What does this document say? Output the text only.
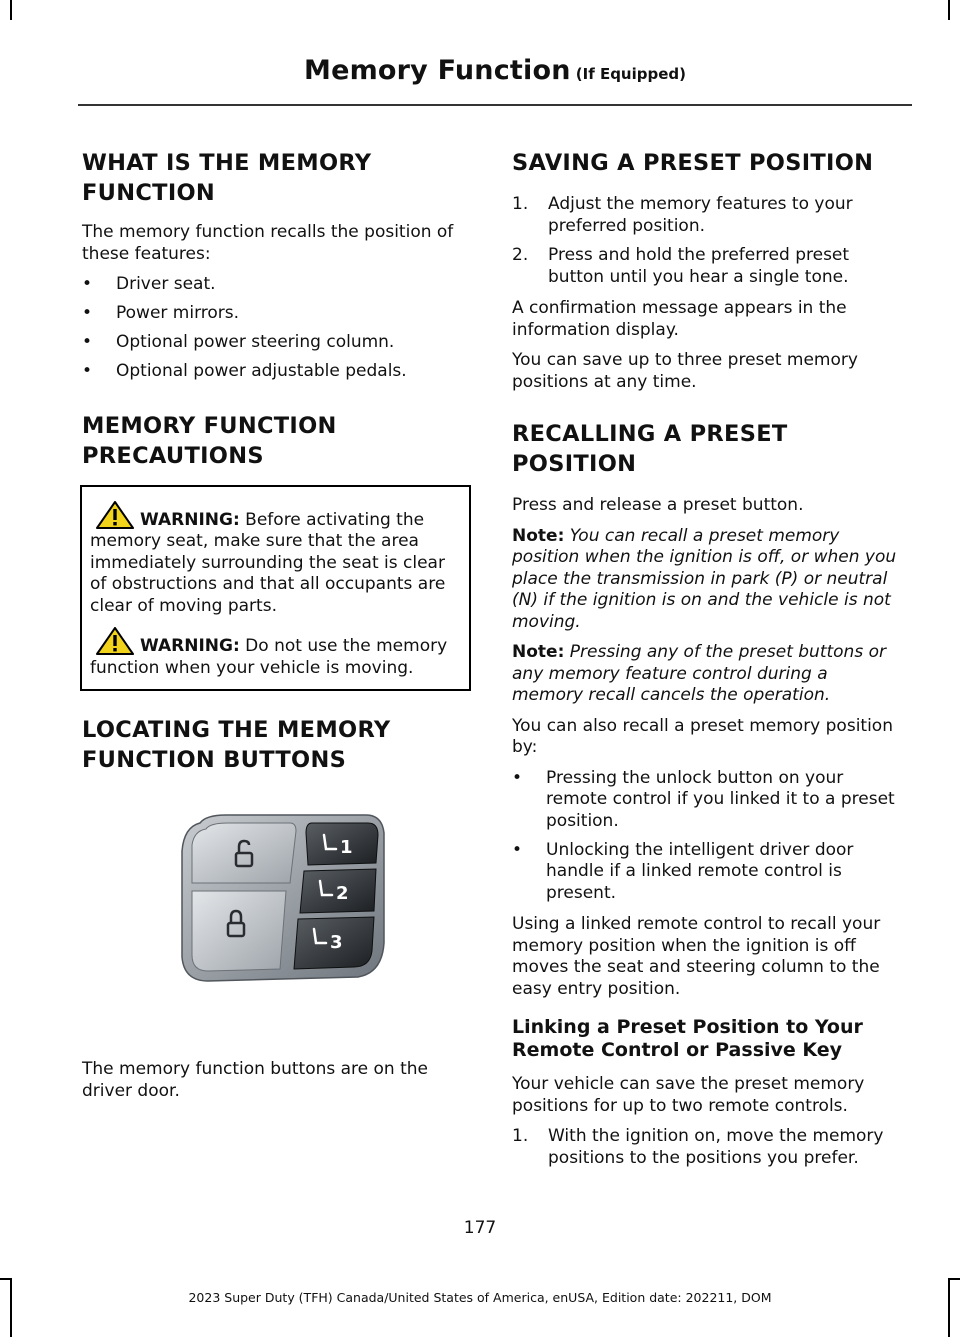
Memory Function (If Equipped)
WHAT IS THE MEMORY
FUNCTION

The memory function recalls the position of these features:

• Driver seat.
• Power mirrors.
• Optional power steering column.
• Optional power adjustable pedals.
MEMORY FUNCTION
PRECAUTIONS

WARNING: Before activating the memory seat, make sure that the area immediately surrounding the seat is clear of obstructions and that all occupants are clear of moving parts.

WARNING: Do not use the memory function when your vehicle is moving.

LOCATING THE MEMORY
FUNCTION BUTTONS
1
2
3

The memory function buttons are on the driver door.

SAVING A PRESET POSITION
1. Adjust the memory features to your preferred position.
2. Press and hold the preferred preset button until you hear a single tone.

A confirmation message appears in the information display.

You can save up to three preset memory positions at any time.

RECALLING A PRESET
POSITION

Press and release a preset button.

Note: You can recall a preset memory position when the ignition is off, or when you place the transmission in park (P) or neutral (N) if the ignition is on and the vehicle is not moving.

Note: Pressing any of the preset buttons or any memory feature control during a memory recall cancels the operation.

You can also recall a preset memory position by:

• Pressing the unlock button on your remote control if you linked it to a preset position.
• Unlocking the intelligent driver door handle if a linked remote control is present.

Using a linked remote control to recall your memory position when the ignition is off moves the seat and steering column to the easy entry position.

Linking a Preset Position to Your Remote Control or Passive Key

Your vehicle can save the preset memory positions for up to two remote controls.

1. With the ignition on, move the memory positions to the positions you prefer.
177
2023 Super Duty (TFH) Canada/United States of America, enUSA, Edition date: 202211, DOM
